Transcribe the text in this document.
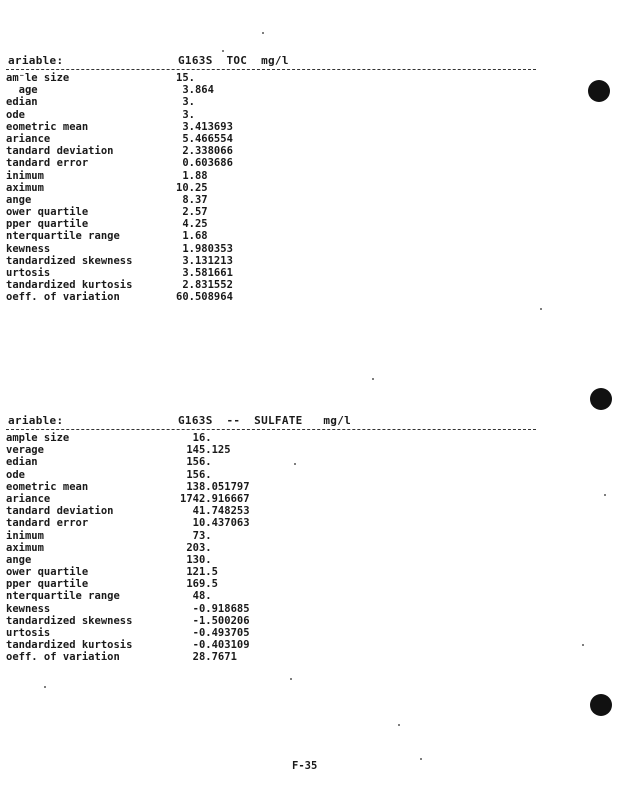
ariable:	G163S  TOC  mg/l
am⁻le size	15.
age	3.864
edian	3.
ode	3.
eometric mean	3.413693
ariance	5.466554
tandard deviation	2.338066
tandard error	0.603686
inimum	1.88
aximum	10.25
ange	8.37
ower quartile	2.57
pper quartile	4.25
nterquartile range	1.68
kewness	1.980353
tandardized skewness	3.131213
urtosis	3.581661
tandardized kurtosis	2.831552
oeff. of variation	60.508964
ariable:	G163S  --  SULFATE   mg/l
ample size	16.
verage	145.125
edian	156.
ode	156.
eometric mean	138.051797
ariance	1742.916667
tandard deviation	41.748253
tandard error	10.437063
inimum	73.
aximum	203.
ange	130.
ower quartile	121.5
pper quartile	169.5
nterquartile range	48.
kewness	-0.918685
tandardized skewness	-1.500206
urtosis	-0.493705
tandardized kurtosis	-0.403109
oeff. of variation	28.7671
F-35
